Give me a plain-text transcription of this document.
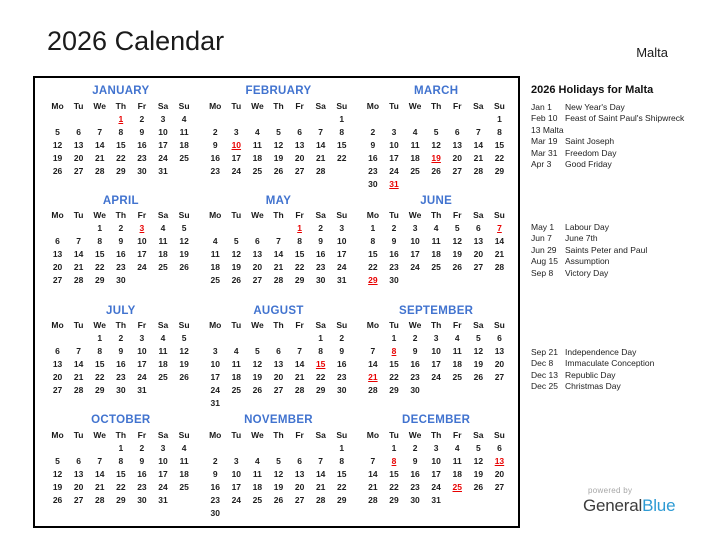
2026 Calendar	Malta
JANUARY
Mo	Tu	We	Th	Fr	Sa	Su
			1	2	3	4
5	6	7	8	9	10	11
12	13	14	15	16	17	18
19	20	21	22	23	24	25
26	27	28	29	30	31	
FEBRUARY
Mo	Tu	We	Th	Fr	Sa	Su
						1
2	3	4	5	6	7	8
9	10	11	12	13	14	15
16	17	18	19	20	21	22
23	24	25	26	27	28	
MARCH
Mo	Tu	We	Th	Fr	Sa	Su
						1
2	3	4	5	6	7	8
9	10	11	12	13	14	15
16	17	18	19	20	21	22
23	24	25	26	27	28	29
30	31					
APRIL
Mo	Tu	We	Th	Fr	Sa	Su
		1	2	3	4	5
6	7	8	9	10	11	12
13	14	15	16	17	18	19
20	21	22	23	24	25	26
27	28	29	30			
MAY
Mo	Tu	We	Th	Fr	Sa	Su
				1	2	3
4	5	6	7	8	9	10
11	12	13	14	15	16	17
18	19	20	21	22	23	24
25	26	27	28	29	30	31
JUNE
Mo	Tu	We	Th	Fr	Sa	Su
1	2	3	4	5	6	7
8	9	10	11	12	13	14
15	16	17	18	19	20	21
22	23	24	25	26	27	28
29	30					
JULY
Mo	Tu	We	Th	Fr	Sa	Su
		1	2	3	4	5
6	7	8	9	10	11	12
13	14	15	16	17	18	19
20	21	22	23	24	25	26
27	28	29	30	31		
AUGUST
Mo	Tu	We	Th	Fr	Sa	Su
					1	2
3	4	5	6	7	8	9
10	11	12	13	14	15	16
17	18	19	20	21	22	23
24	25	26	27	28	29	30
31						
SEPTEMBER
Mo	Tu	We	Th	Fr	Sa	Su
	1	2	3	4	5	6
7	8	9	10	11	12	13
14	15	16	17	18	19	20
21	22	23	24	25	26	27
28	29	30				
OCTOBER
Mo	Tu	We	Th	Fr	Sa	Su
			1	2	3	4
5	6	7	8	9	10	11
12	13	14	15	16	17	18
19	20	21	22	23	24	25
26	27	28	29	30	31	
NOVEMBER
Mo	Tu	We	Th	Fr	Sa	Su
						1
2	3	4	5	6	7	8
9	10	11	12	13	14	15
16	17	18	19	20	21	22
23	24	25	26	27	28	29
30						
DECEMBER
Mo	Tu	We	Th	Fr	Sa	Su
	1	2	3	4	5	6
7	8	9	10	11	12	13
14	15	16	17	18	19	20
21	22	23	24	25	26	27
28	29	30	31			
2026 Holidays for Malta
Jan 1 New Year's Day
Feb 10 Feast of Saint Paul's Shipwreck
13 Malta
Mar 19 Saint Joseph
Mar 31 Freedom Day
Apr 3 Good Friday
May 1 Labour Day
Jun 7 June 7th
Jun 29 Saints Peter and Paul
Aug 15 Assumption
Sep 8 Victory Day
Sep 21 Independence Day
Dec 8 Immaculate Conception
Dec 13 Republic Day
Dec 25 Christmas Day
powered by
GeneralBlue
